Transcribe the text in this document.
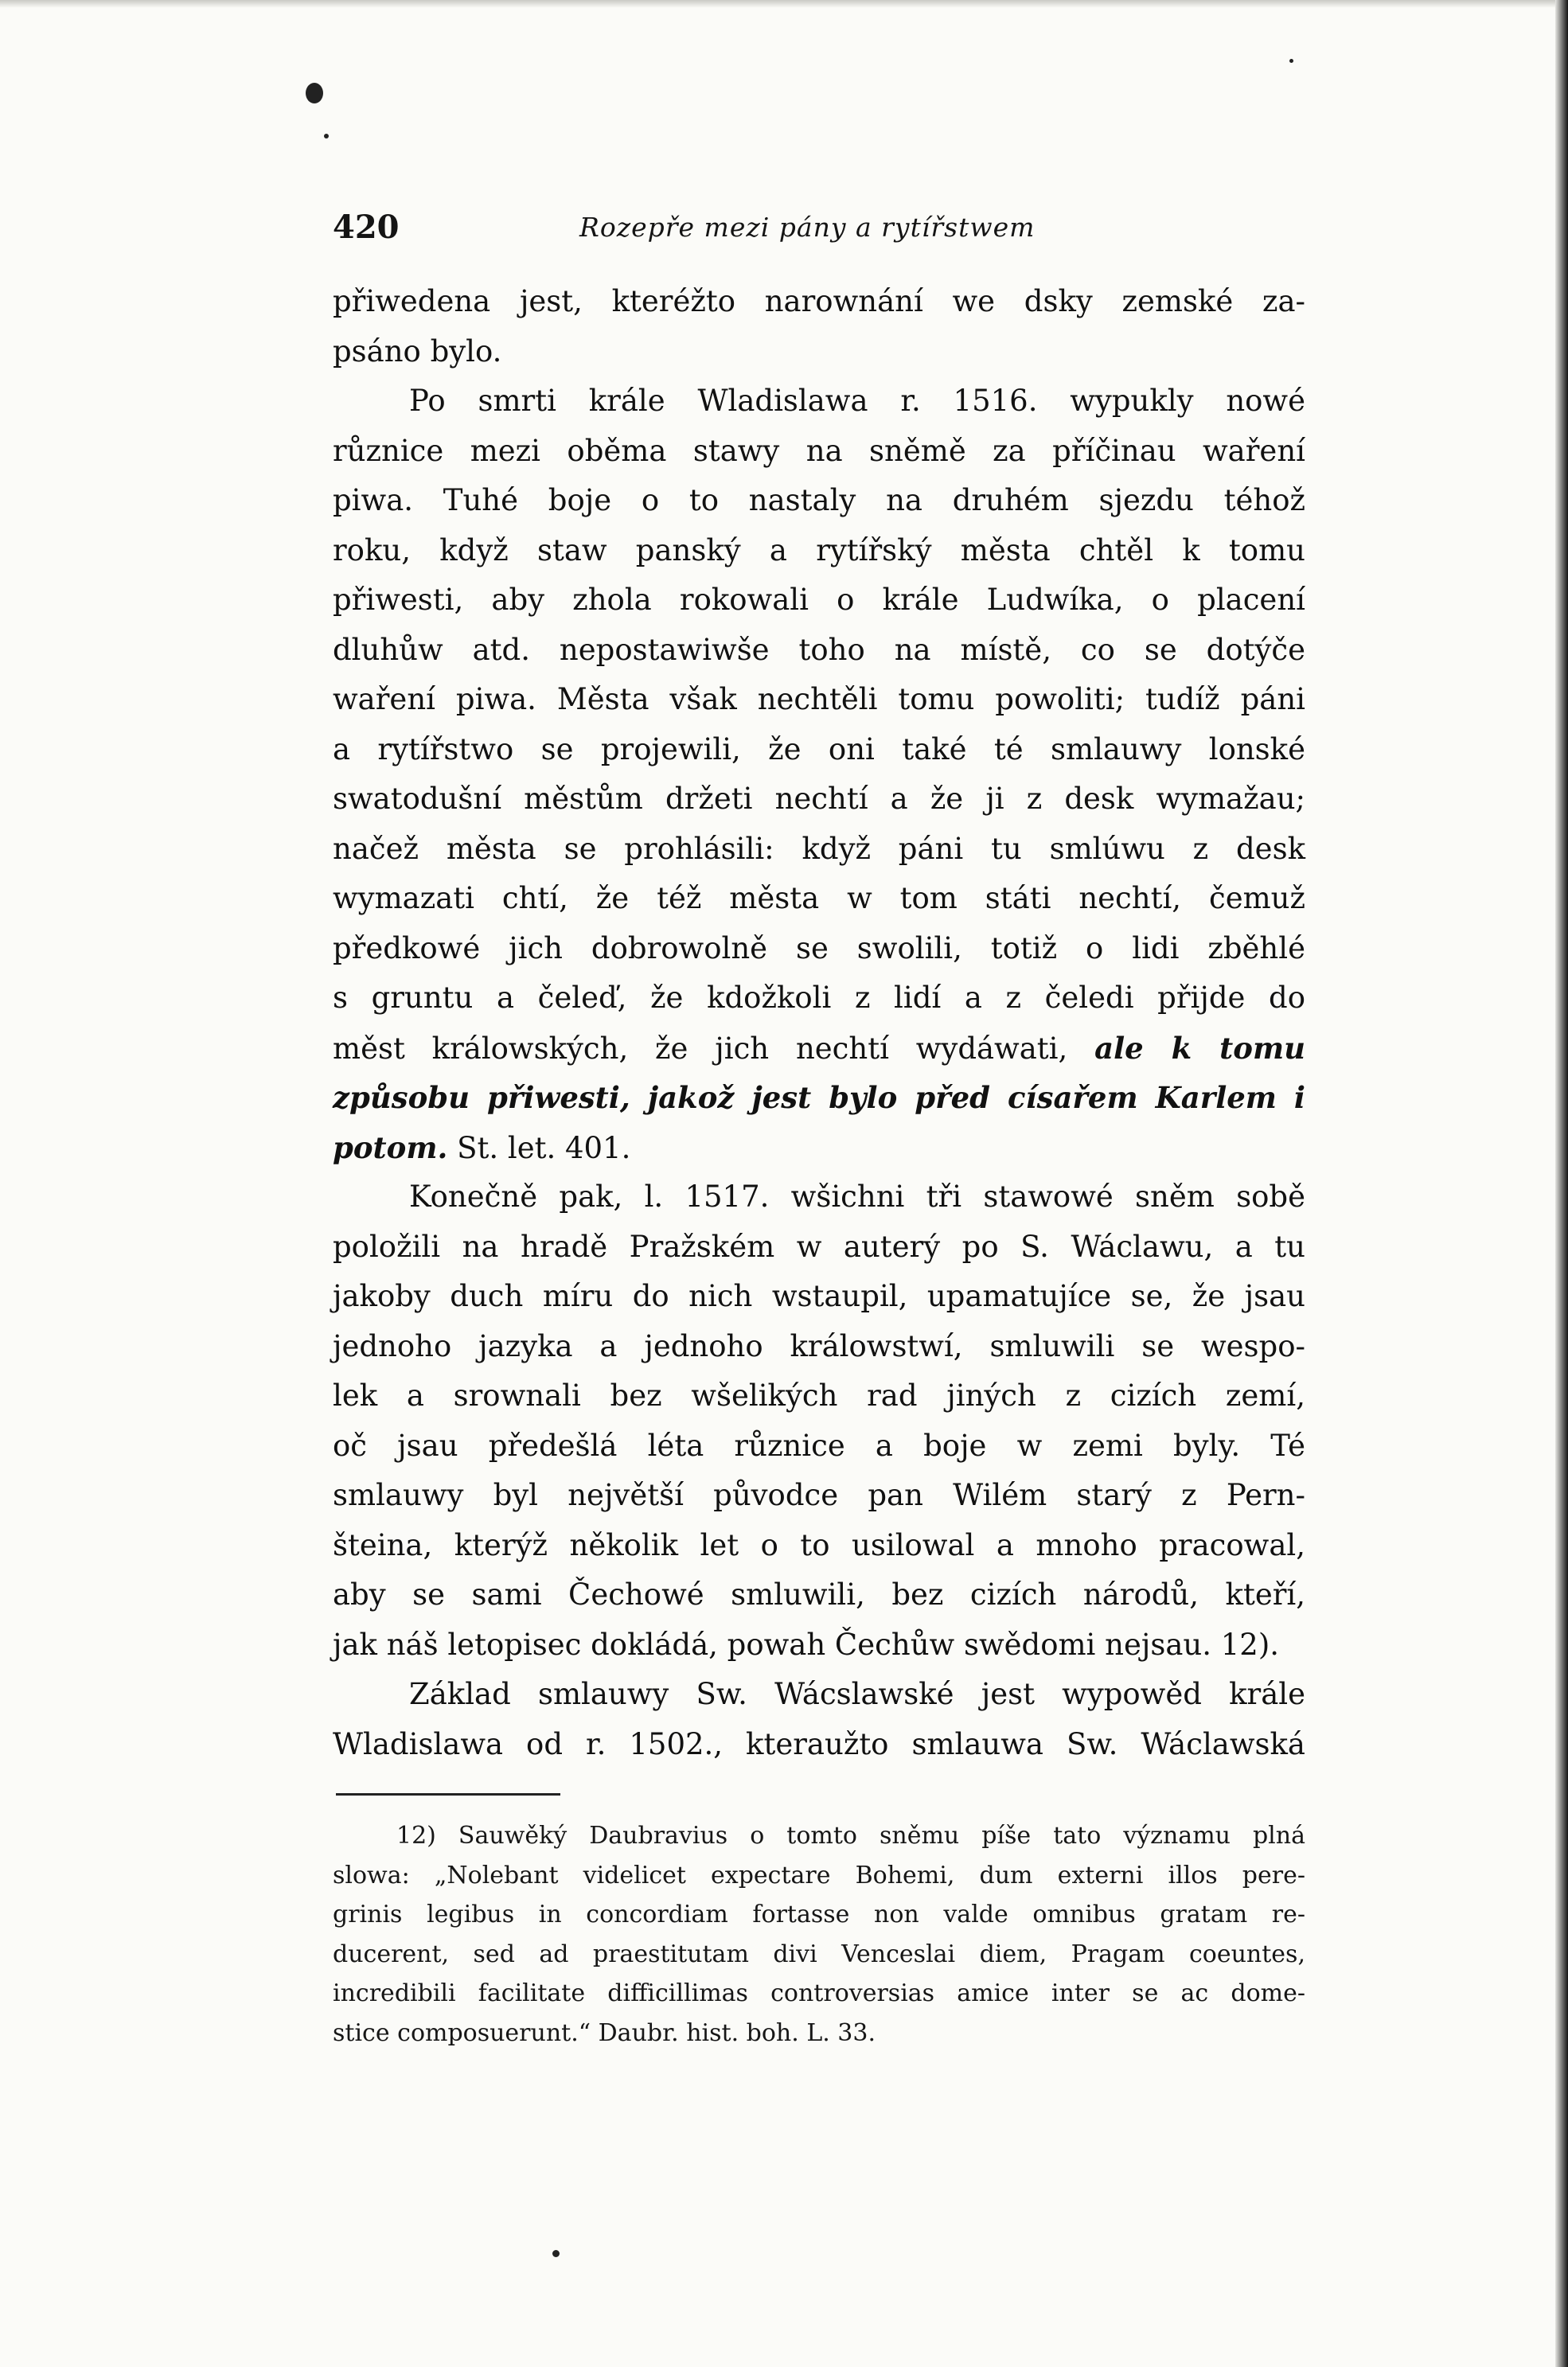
420	Rozepře mezi pány a rytířstwem
přiwedena jest, kteréžto narownání we dsky zemské za-
psáno bylo.
Po smrti krále Wladislawa r. 1516. wypukly nowé
různice mezi oběma stawy na sněmě za příčinau waření
piwa. Tuhé boje o to nastaly na druhém sjezdu téhož
roku, když staw panský a rytířský města chtěl k tomu
přiwesti, aby zhola rokowali o krále Ludwíka, o placení
dluhůw atd. nepostawiwše toho na místě, co se dotýče
waření piwa. Města však nechtěli tomu powoliti; tudíž páni
a rytířstwo se projewili, že oni také té smlauwy lonské
swatodušní městům držeti nechtí a že ji z desk wymažau;
načež města se prohlásili: když páni tu smlúwu z desk
wymazati chtí, že též města w tom státi nechtí, čemuž
předkowé jich dobrowolně se swolili, totiž o lidi zběhlé
s gruntu a čeleď, že kdožkoli z lidí a z čeledi přijde do
měst králowských, že jich nechtí wydáwati, ale k tomu
způsobu přiwesti, jakož jest bylo před císařem Karlem i
potom. St. let. 401.
Konečně pak, l. 1517. wšichni tři stawowé sněm sobě
položili na hradě Pražském w auterý po S. Wáclawu, a tu
jakoby duch míru do nich wstaupil, upamatujíce se, že jsau
jednoho jazyka a jednoho králowstwí, smluwili se wespo-
lek a srownali bez wšelikých rad jiných z cizích zemí,
oč jsau předešlá léta různice a boje w zemi byly. Té
smlauwy byl největší původce pan Wilém starý z Pern-
šteina, kterýž několik let o to usilowal a mnoho pracowal,
aby se sami Čechowé smluwili, bez cizích národů, kteří,
jak náš letopisec dokládá, powah Čechůw swědomi nejsau. 12).
Základ smlauwy Sw. Wácslawské jest wypowěd krále
Wladislawa od r. 1502., kteraužto smlauwa Sw. Wáclawská
12) Sauwěký Daubravius o tomto sněmu píše tato významu plná
slowa: „Nolebant videlicet expectare Bohemi, dum externi illos pere-
grinis legibus in concordiam fortasse non valde omnibus gratam re-
ducerent, sed ad praestitutam divi Venceslai diem, Pragam coeuntes,
incredibili facilitate difficillimas controversias amice inter se ac dome-
stice composuerunt.“ Daubr. hist. boh. L. 33.
